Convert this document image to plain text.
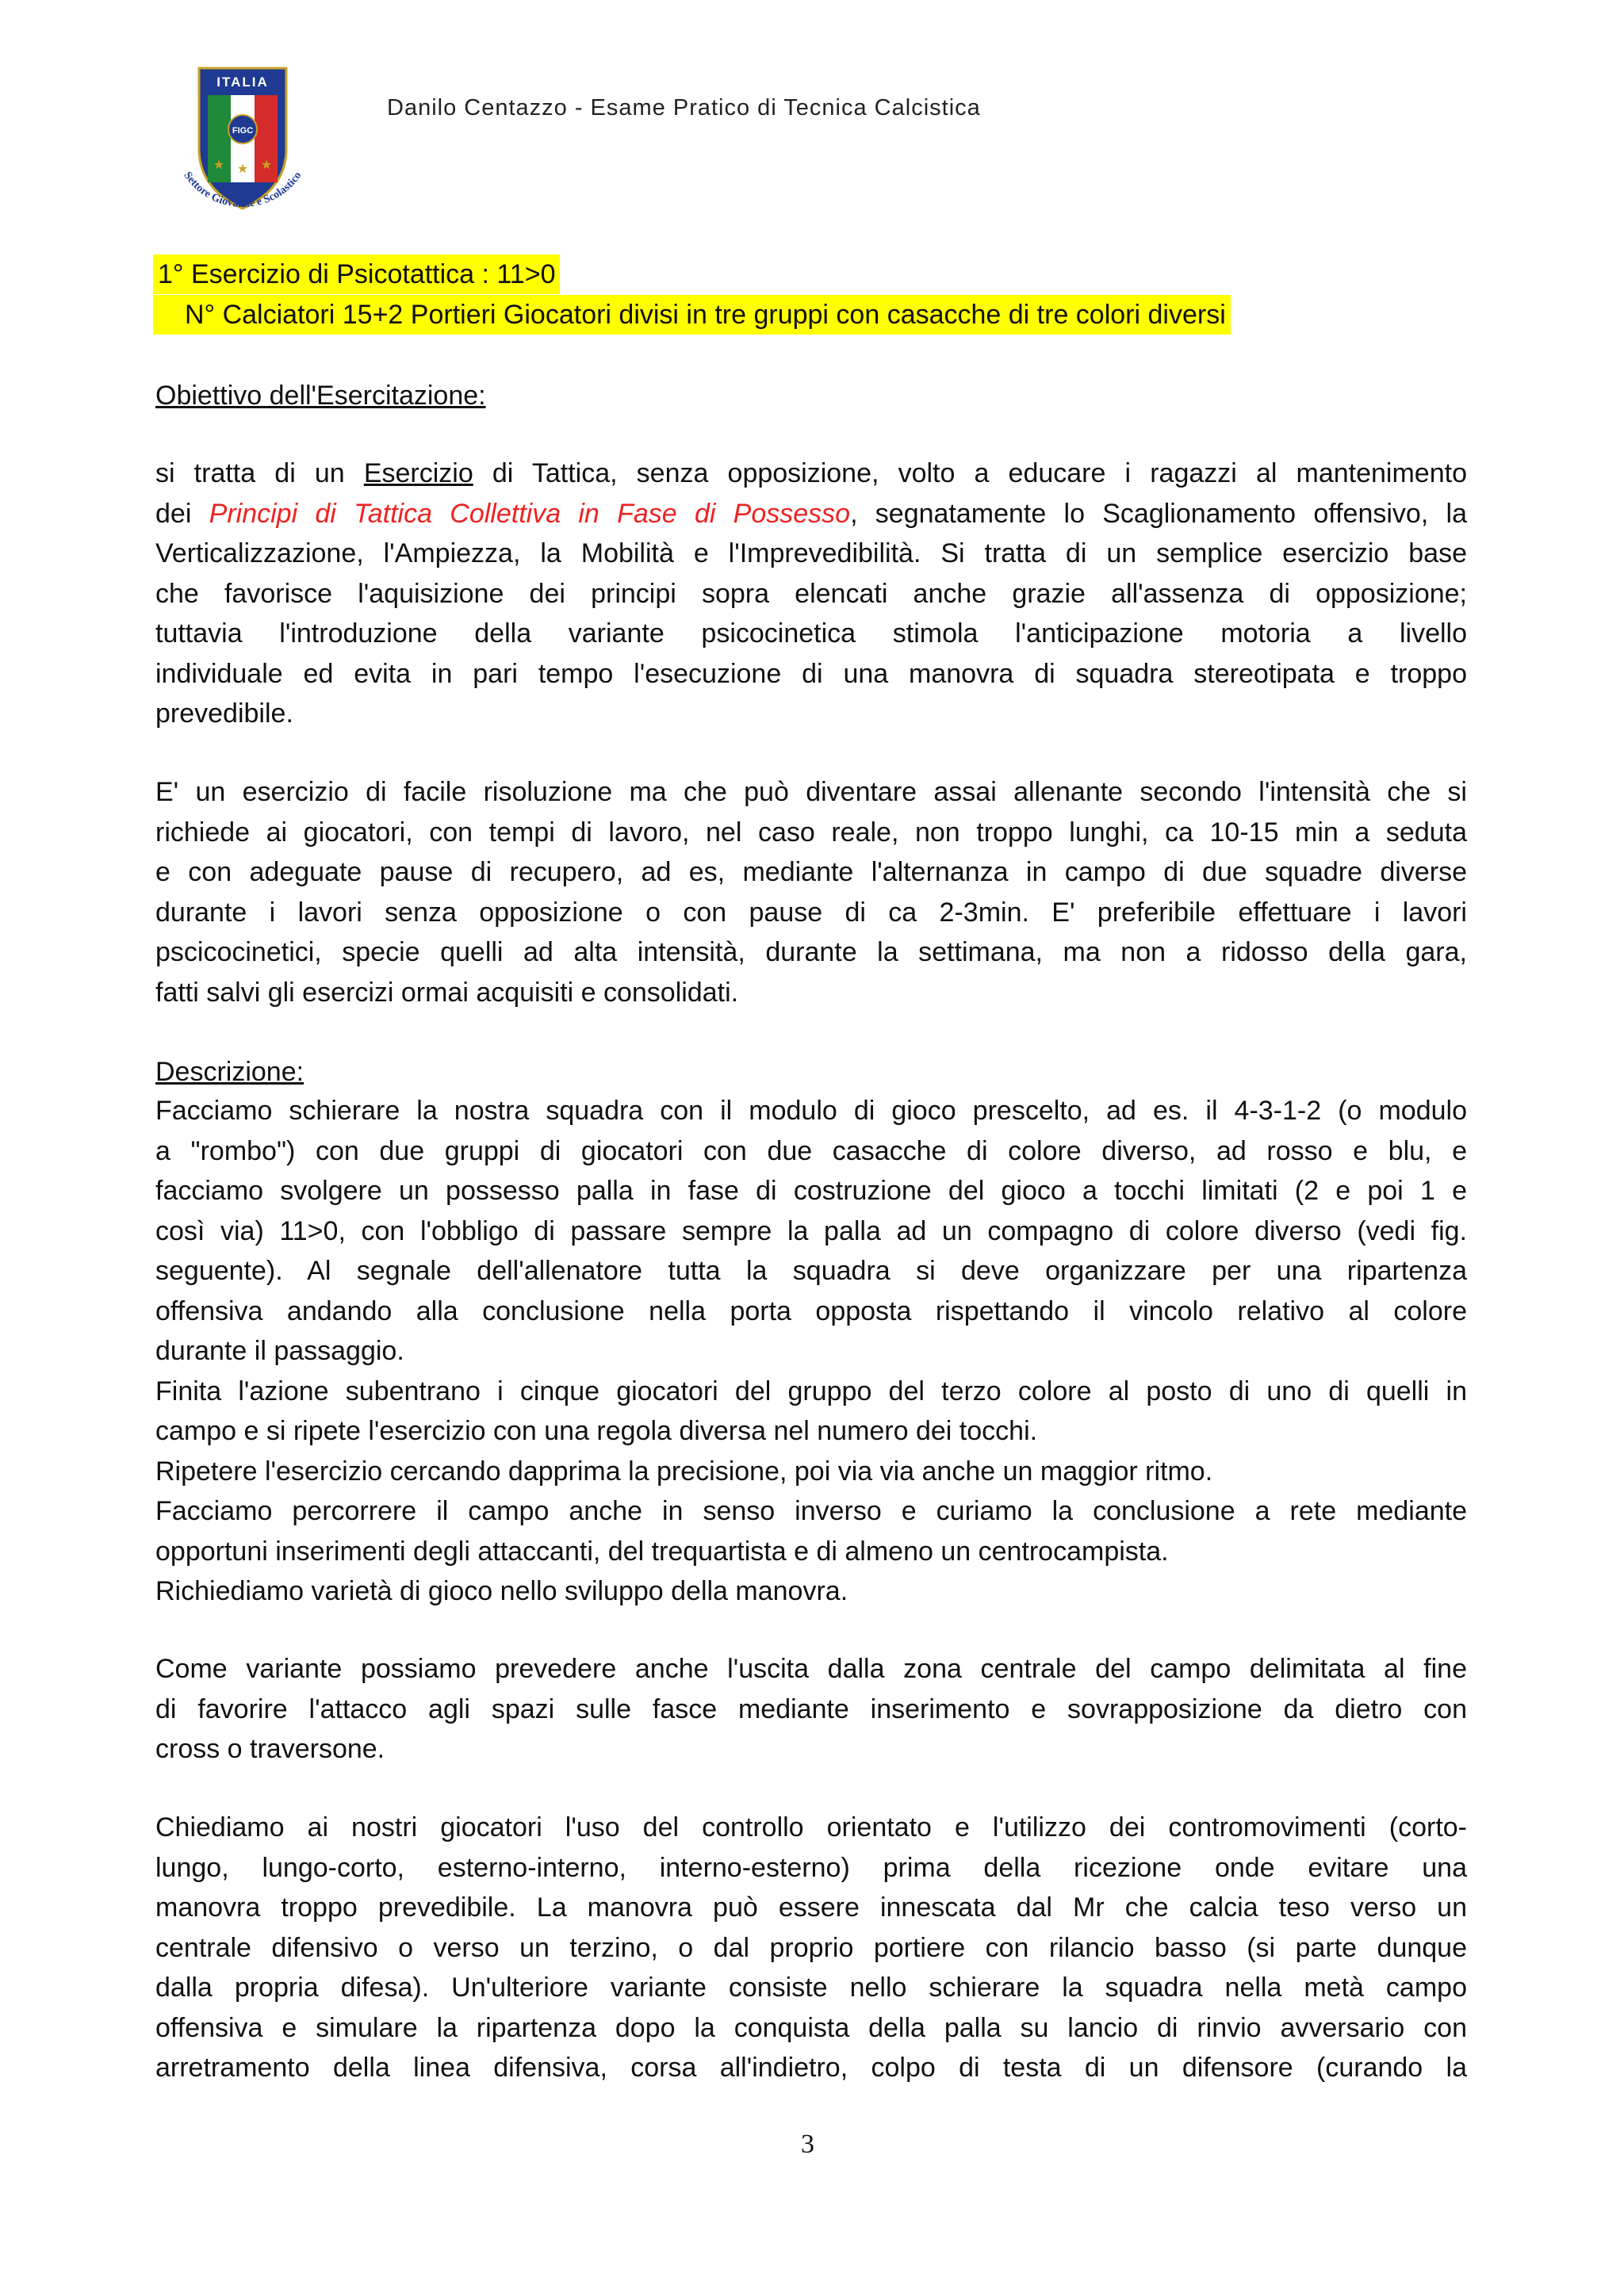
ITALIA
FIGC
★ ★ ★
Settore Giovanile e Scolastico
Danilo Centazzo - Esame Pratico di Tecnica Calcistica
1° Esercizio di Psicotattica : 11>0
N° Calciatori 15+2 Portieri Giocatori divisi in tre gruppi con casacche di tre colori diversi
Obiettivo dell'Esercitazione:
si tratta di un Esercizio di Tattica, senza opposizione, volto a educare i ragazzi al mantenimento
dei Principi di Tattica Collettiva in Fase di Possesso, segnatamente lo Scaglionamento offensivo, la
Verticalizzazione, l'Ampiezza, la Mobilità e l'Imprevedibilità. Si tratta di un semplice esercizio base
che favorisce l'aquisizione dei principi sopra elencati anche grazie all'assenza di opposizione;
tuttavia l'introduzione della variante psicocinetica stimola l'anticipazione motoria a livello
individuale ed evita in pari tempo l'esecuzione di una manovra di squadra stereotipata e troppo
prevedibile.
E' un esercizio di facile risoluzione ma che può diventare assai allenante secondo l'intensità che si
richiede ai giocatori, con tempi di lavoro, nel caso reale, non troppo lunghi, ca 10-15 min a seduta
e con adeguate pause di recupero, ad es, mediante l'alternanza in campo di due squadre diverse
durante i lavori senza opposizione o con pause di ca 2-3min. E' preferibile effettuare i lavori
pscicocinetici, specie quelli ad alta intensità, durante la settimana, ma non a ridosso della gara,
fatti salvi gli esercizi ormai acquisiti e consolidati.
Descrizione:
Facciamo schierare la nostra squadra con il modulo di gioco prescelto, ad es. il 4-3-1-2 (o modulo
a "rombo") con due gruppi di giocatori con due casacche di colore diverso, ad rosso e blu, e
facciamo svolgere un possesso palla in fase di costruzione del gioco a tocchi limitati (2 e poi 1 e
così via) 11>0, con l'obbligo di passare sempre la palla ad un compagno di colore diverso (vedi fig.
seguente). Al segnale dell'allenatore tutta la squadra si deve organizzare per una ripartenza
offensiva andando alla conclusione nella porta opposta rispettando il vincolo relativo al colore
durante il passaggio.
Finita l'azione subentrano i cinque giocatori del gruppo del terzo colore al posto di uno di quelli in
campo e si ripete l'esercizio con una regola diversa nel numero dei tocchi.
Ripetere l'esercizio cercando dapprima la precisione, poi via via anche un maggior ritmo.
Facciamo percorrere il campo anche in senso inverso e curiamo la conclusione a rete mediante
opportuni inserimenti degli attaccanti, del trequartista e di almeno un centrocampista.
Richiediamo varietà di gioco nello sviluppo della manovra.
Come variante possiamo prevedere anche l'uscita dalla zona centrale del campo delimitata al fine
di favorire l'attacco agli spazi sulle fasce mediante inserimento e sovrapposizione da dietro con
cross o traversone.
Chiediamo ai nostri giocatori l'uso del controllo orientato e l'utilizzo dei contromovimenti (corto-
lungo, lungo-corto, esterno-interno, interno-esterno) prima della ricezione onde evitare una
manovra troppo prevedibile. La manovra può essere innescata dal Mr che calcia teso verso un
centrale difensivo o verso un terzino, o dal proprio portiere con rilancio basso (si parte dunque
dalla propria difesa). Un'ulteriore variante consiste nello schierare la squadra nella metà campo
offensiva e simulare la ripartenza dopo la conquista della palla su lancio di rinvio avversario con
arretramento della linea difensiva, corsa all'indietro, colpo di testa di un difensore (curando la
3
